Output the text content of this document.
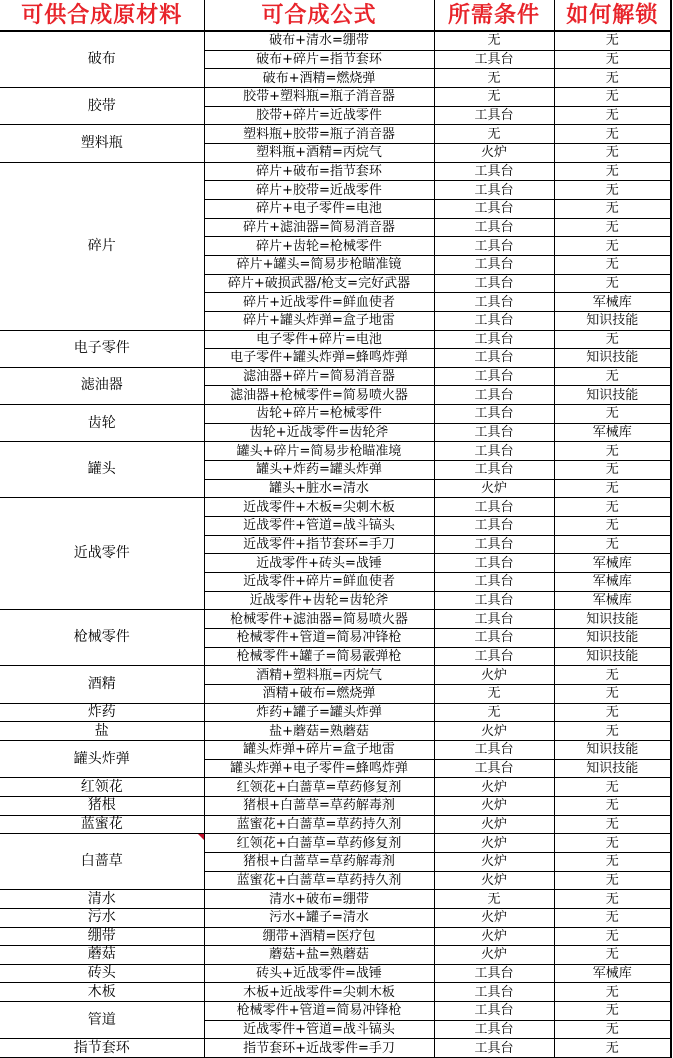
可供合成原材料	可合成公式	所需条件	如何解锁
破布	破布+清水=绷带	无	无
	破布+碎片=指节套环	工具台	无
	破布+酒精=燃烧弹	无	无
胶带	胶带+塑料瓶=瓶子消音器	无	无
	胶带+碎片=近战零件	工具台	无
塑料瓶	塑料瓶+胶带=瓶子消音器	无	无
	塑料瓶+酒精=丙烷气	火炉	无
碎片	碎片+破布=指节套环	工具台	无
	碎片+胶带=近战零件	工具台	无
	碎片+电子零件=电池	工具台	无
	碎片+滤油器=简易消音器	工具台	无
	碎片+齿轮=枪械零件	工具台	无
	碎片+罐头=简易步枪瞄准镜	工具台	无
	碎片+破损武器/枪支=完好武器	工具台	无
	碎片+近战零件=鲜血使者	工具台	军械库
	碎片+罐头炸弹=盒子地雷	工具台	知识技能
电子零件	电子零件+碎片=电池	工具台	无
	电子零件+罐头炸弹=蜂鸣炸弹	工具台	知识技能
滤油器	滤油器+碎片=简易消音器	工具台	无
	滤油器+枪械零件=简易喷火器	工具台	知识技能
齿轮	齿轮+碎片=枪械零件	工具台	无
	齿轮+近战零件=齿轮斧	工具台	军械库
罐头	罐头+碎片=简易步枪瞄准境	工具台	无
	罐头+炸药=罐头炸弹	工具台	无
	罐头+脏水=清水	火炉	无
近战零件	近战零件+木板=尖刺木板	工具台	无
	近战零件+管道=战斗镐头	工具台	无
	近战零件+指节套环=手刀	工具台	无
	近战零件+砖头=战锤	工具台	军械库
	近战零件+碎片=鲜血使者	工具台	军械库
	近战零件+齿轮=齿轮斧	工具台	军械库
枪械零件	枪械零件+滤油器=简易喷火器	工具台	知识技能
	枪械零件+管道=简易冲锋枪	工具台	知识技能
	枪械零件+罐子=简易霰弹枪	工具台	知识技能
酒精	酒精+塑料瓶=丙烷气	火炉	无
	酒精+破布=燃烧弹	无	无
炸药	炸药+罐子=罐头炸弹	无	无
盐	盐+蘑菇=熟蘑菇	火炉	无
罐头炸弹	罐头炸弹+碎片=盒子地雷	工具台	知识技能
	罐头炸弹+电子零件=蜂鸣炸弹	工具台	知识技能
红领花	红领花+白蔷草=草药修复剂	火炉	无
猪根	猪根+白蔷草=草药解毒剂	火炉	无
蓝蜜花	蓝蜜花+白蔷草=草药持久剂	火炉	无
白蔷草	红领花+白蔷草=草药修复剂	火炉	无
	猪根+白蔷草=草药解毒剂	火炉	无
	蓝蜜花+白蔷草=草药持久剂	火炉	无
清水	清水+破布=绷带	无	无
污水	污水+罐子=清水	火炉	无
绷带	绷带+酒精=医疗包	火炉	无
蘑菇	蘑菇+盐=熟蘑菇	火炉	无
砖头	砖头+近战零件=战锤	工具台	军械库
木板	木板+近战零件=尖刺木板	工具台	无
管道	枪械零件+管道=简易冲锋枪	工具台	无
	近战零件+管道=战斗镐头	工具台	无
指节套环	指节套环+近战零件=手刀	工具台	无
